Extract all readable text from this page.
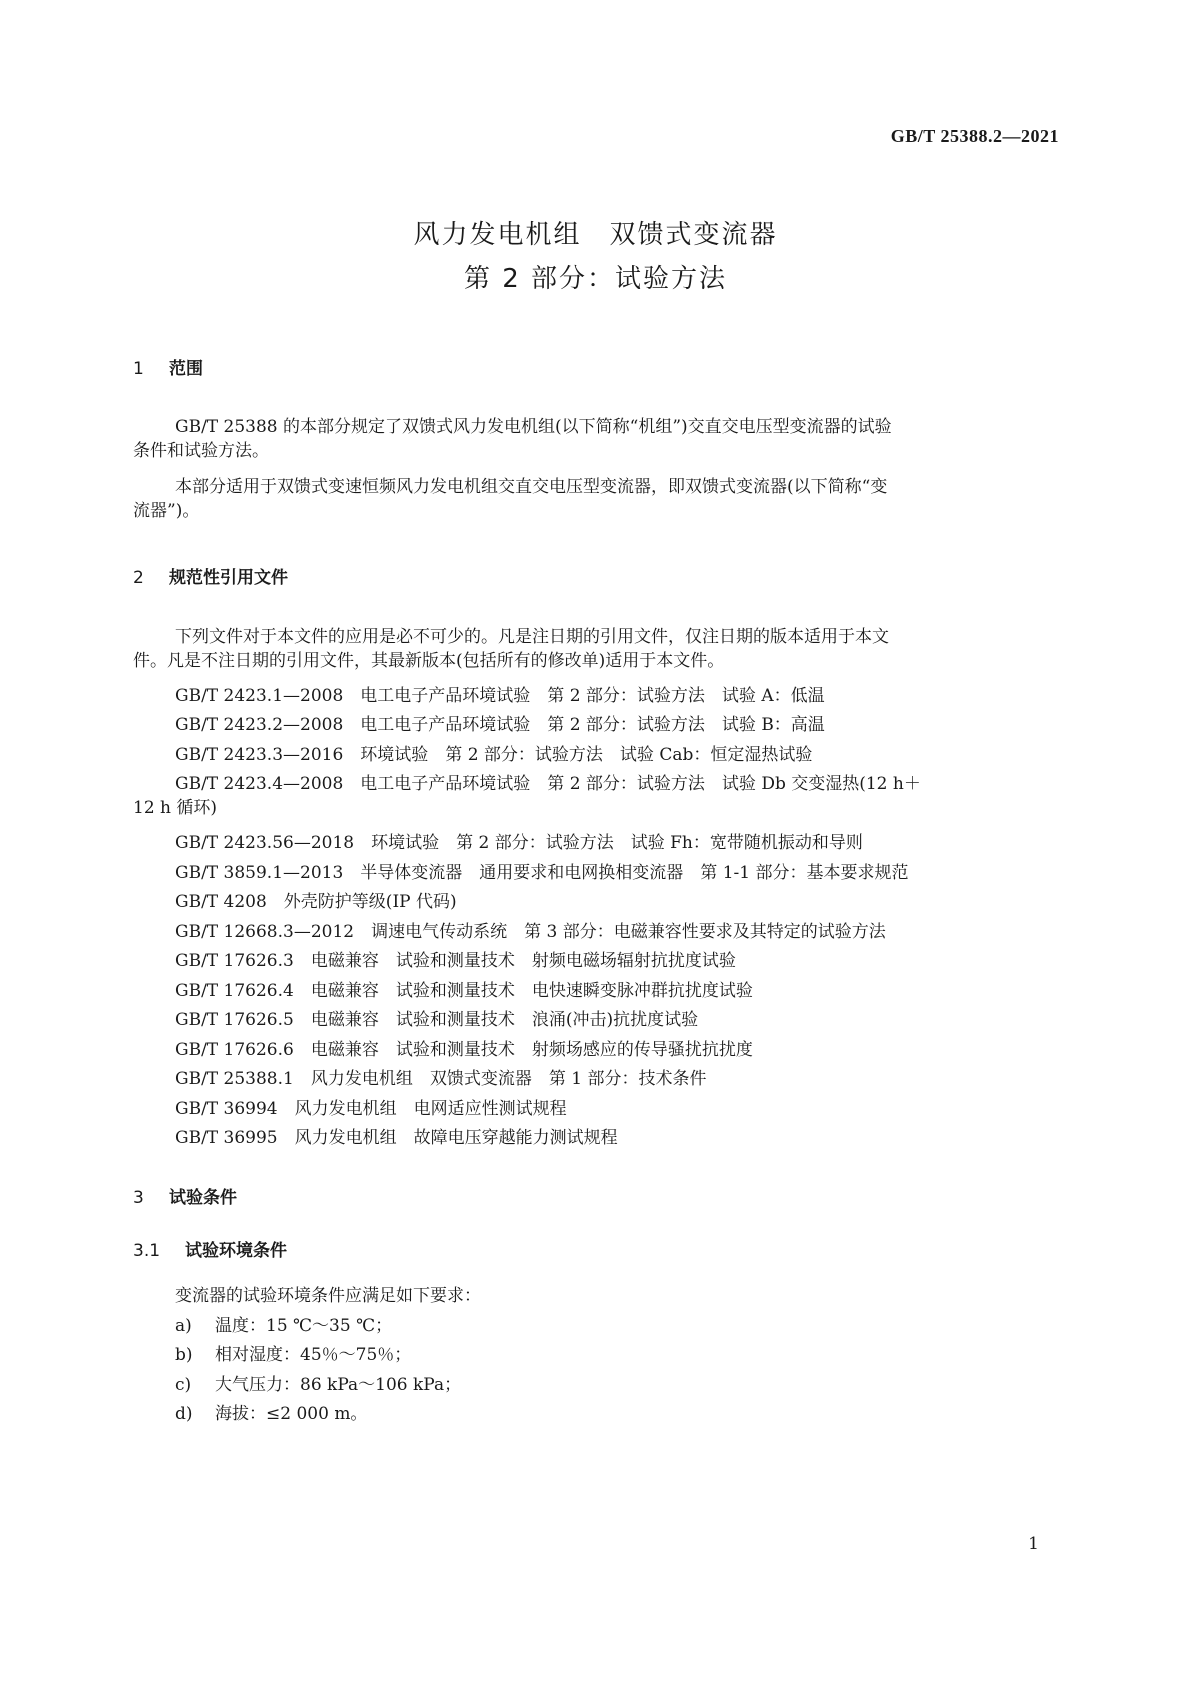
GB/T 25388.2—2021
风力发电机组　双馈式变流器
第 2 部分：试验方法
1 范围
GB/T 25388 的本部分规定了双馈式风力发电机组(以下简称“机组”)交直交电压型变流器的试验
条件和试验方法。
本部分适用于双馈式变速恒频风力发电机组交直交电压型变流器，即双馈式变流器(以下简称“变
流器”)。
2 规范性引用文件
下列文件对于本文件的应用是必不可少的。凡是注日期的引用文件，仅注日期的版本适用于本文
件。凡是不注日期的引用文件，其最新版本(包括所有的修改单)适用于本文件。
GB/T 2423.1—2008　电工电子产品环境试验　第 2 部分：试验方法　试验 A：低温
GB/T 2423.2—2008　电工电子产品环境试验　第 2 部分：试验方法　试验 B：高温
GB/T 2423.3—2016　环境试验　第 2 部分：试验方法　试验 Cab：恒定湿热试验
GB/T 2423.4—2008　电工电子产品环境试验　第 2 部分：试验方法　试验 Db 交变湿热(12 h＋
12 h 循环)
GB/T 2423.56—2018　环境试验　第 2 部分：试验方法　试验 Fh：宽带随机振动和导则
GB/T 3859.1—2013　半导体变流器　通用要求和电网换相变流器　第 1-1 部分：基本要求规范
GB/T 4208　外壳防护等级(IP 代码)
GB/T 12668.3—2012　调速电气传动系统　第 3 部分：电磁兼容性要求及其特定的试验方法
GB/T 17626.3　电磁兼容　试验和测量技术　射频电磁场辐射抗扰度试验
GB/T 17626.4　电磁兼容　试验和测量技术　电快速瞬变脉冲群抗扰度试验
GB/T 17626.5　电磁兼容　试验和测量技术　浪涌(冲击)抗扰度试验
GB/T 17626.6　电磁兼容　试验和测量技术　射频场感应的传导骚扰抗扰度
GB/T 25388.1　风力发电机组　双馈式变流器　第 1 部分：技术条件
GB/T 36994　风力发电机组　电网适应性测试规程
GB/T 36995　风力发电机组　故障电压穿越能力测试规程
3 试验条件
3.1 试验环境条件
变流器的试验环境条件应满足如下要求：
a) 温度：15 ℃～35 ℃；
b) 相对湿度：45％～75％；
c) 大气压力：86 kPa～106 kPa；
d) 海拔：≤2 000 m。
1
